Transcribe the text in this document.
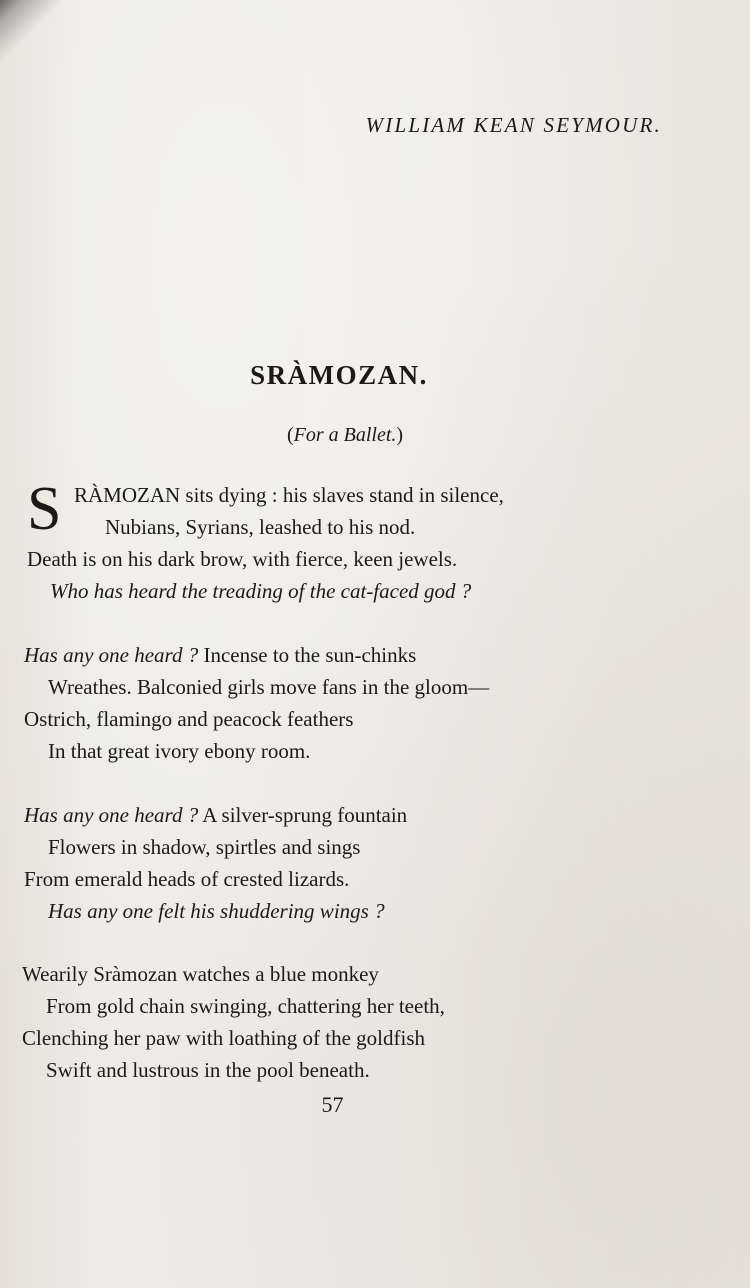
WILLIAM KEAN SEYMOUR.
SRÀMOZAN.
(For a Ballet.)
S RÀMOZAN sits dying : his slaves stand in silence,
Nubians, Syrians, leashed to his nod.
Death is on his dark brow, with fierce, keen jewels.
Who has heard the treading of the cat-faced god ?
Has any one heard ? Incense to the sun-chinks
Wreathes. Balconied girls move fans in the gloom—
Ostrich, flamingo and peacock feathers
In that great ivory ebony room.
Has any one heard ? A silver-sprung fountain
Flowers in shadow, spirtles and sings
From emerald heads of crested lizards.
Has any one felt his shuddering wings ?
Wearily Sràmozan watches a blue monkey
From gold chain swinging, chattering her teeth,
Clenching her paw with loathing of the goldfish
Swift and lustrous in the pool beneath.
57
